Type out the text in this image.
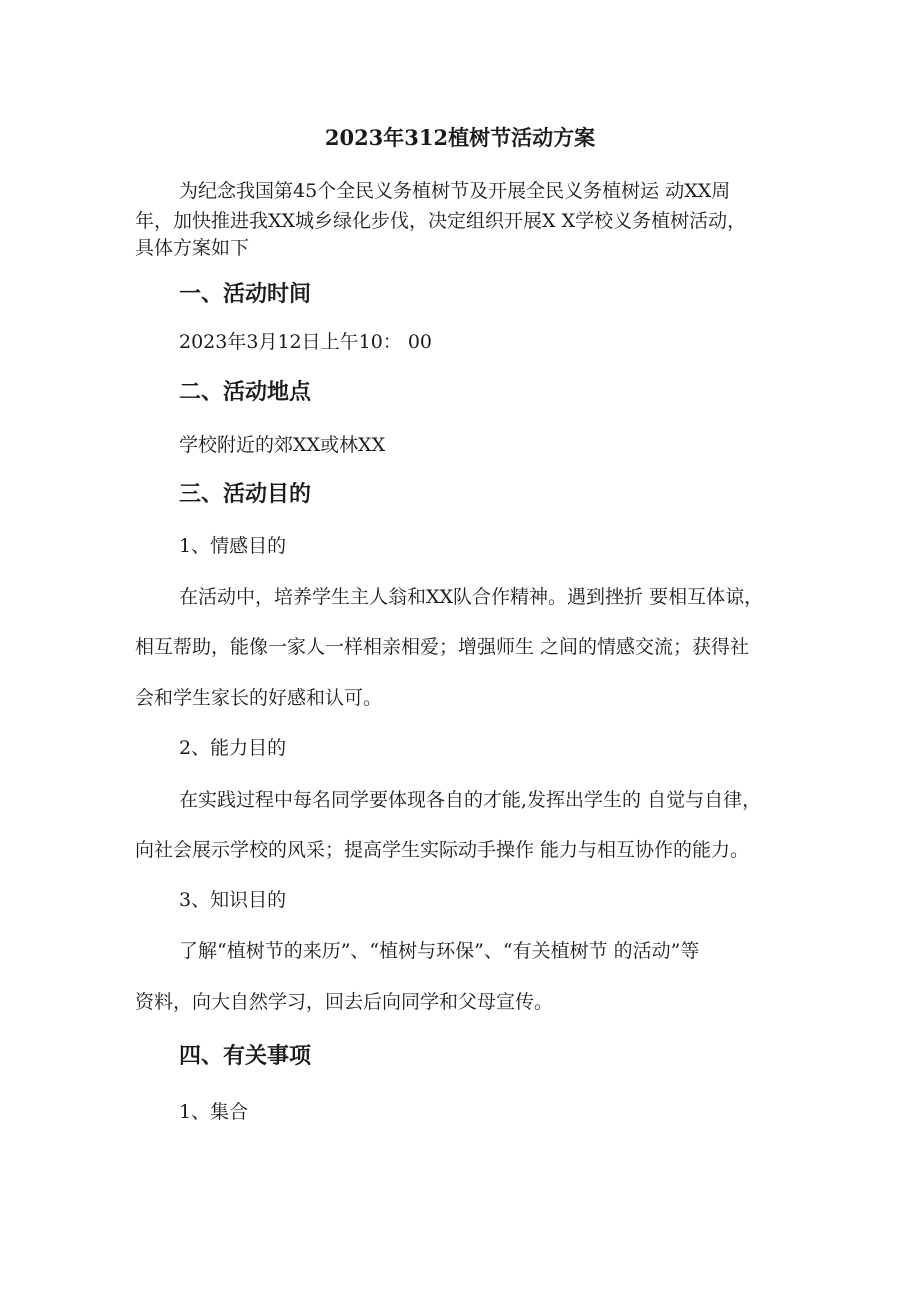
2023年312植树节活动方案

为纪念我国第45个全民义务植树节及开展全民义务植树运 动XX周

年，加快推进我XX城乡绿化步伐，决定组织开展X X学校义务植树活动，

具体方案如下

一、活动时间

2023年3月12日上午10： 00

二、活动地点

学校附近的郊XX或林XX

三、活动目的
1、情感目的

在活动中，培养学生主人翁和XX队合作精神。遇到挫折 要相互体谅，

相互帮助，能像一家人一样相亲相爱；增强师生 之间的情感交流；获得社

会和学生家长的好感和认可。

2、能力目的

在实践过程中每名同学要体现各自的才能,发挥出学生的 自觉与自律，

向社会展示学校的风采；提高学生实际动手操作 能力与相互协作的能力。

3、知识目的

了解“植树节的来历”、“植树与环保”、“有关植树节 的活动”等

资料，向大自然学习，回去后向同学和父母宣传。

四、有关事项
1、集合
